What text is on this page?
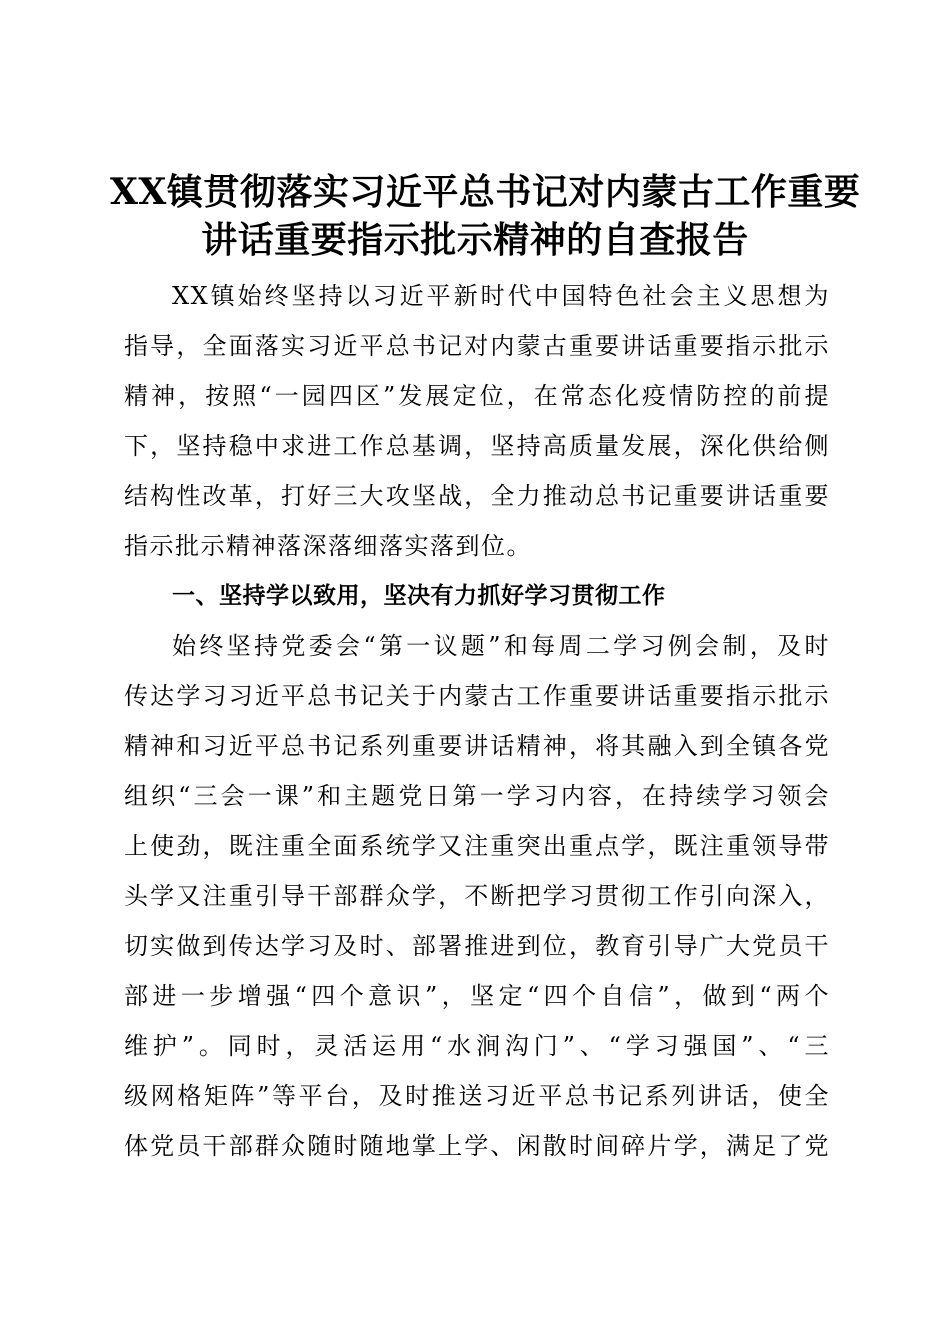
XX镇贯彻落实习近平总书记对内蒙古工作重要
讲话重要指示批示精神的自查报告
XX镇始终坚持以习近平新时代中国特色社会主义思想为
指导，全面落实习近平总书记对内蒙古重要讲话重要指示批示
精神，按照“一园四区”发展定位，在常态化疫情防控的前提
下，坚持稳中求进工作总基调，坚持高质量发展，深化供给侧
结构性改革，打好三大攻坚战，全力推动总书记重要讲话重要
指示批示精神落深落细落实落到位。
一、坚持学以致用，坚决有力抓好学习贯彻工作
始终坚持党委会“第一议题”和每周二学习例会制，及时
传达学习习近平总书记关于内蒙古工作重要讲话重要指示批示
精神和习近平总书记系列重要讲话精神，将其融入到全镇各党
组织“三会一课”和主题党日第一学习内容，在持续学习领会
上使劲，既注重全面系统学又注重突出重点学，既注重领导带
头学又注重引导干部群众学，不断把学习贯彻工作引向深入，
切实做到传达学习及时、部署推进到位，教育引导广大党员干
部进一步增强“四个意识”，坚定“四个自信”，做到“两个
维护”。同时，灵活运用“水涧沟门”、“学习强国”、“三
级网格矩阵”等平台，及时推送习近平总书记系列讲话，使全
体党员干部群众随时随地掌上学、闲散时间碎片学，满足了党
